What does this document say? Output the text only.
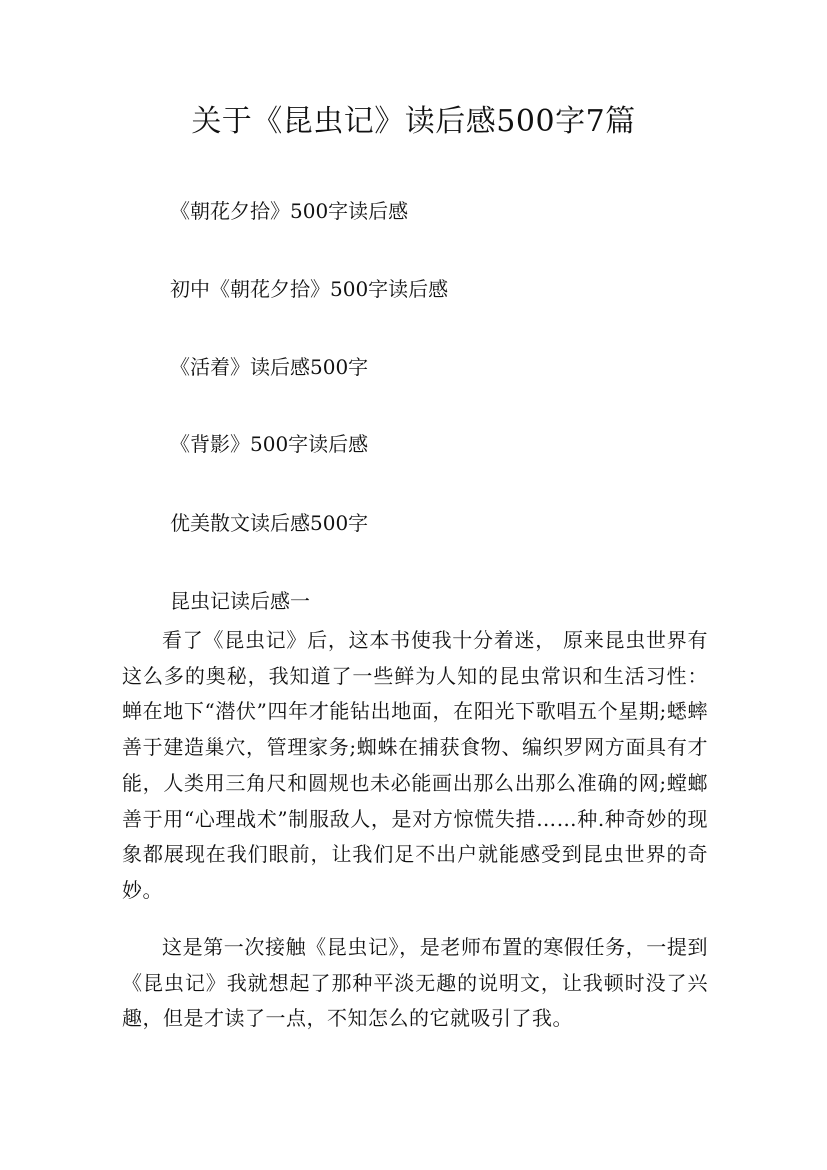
关于《昆虫记》读后感500字7篇

《朝花夕拾》500字读后感

初中《朝花夕拾》500字读后感

《活着》读后感500字

《背影》500字读后感

优美散文读后感500字

昆虫记读后感一

看了《昆虫记》后，这本书使我十分着迷， 原来昆虫世界有这么多的奥秘，我知道了一些鲜为人知的昆虫常识和生活习性：蝉在地下“潜伏”四年才能钻出地面，在阳光下歌唱五个星期;蟋蟀善于建造巢穴，管理家务;蜘蛛在捕获食物、编织罗网方面具有才能，人类用三角尺和圆规也未必能画出那么出那么准确的网;螳螂善于用“心理战术”制服敌人，是对方惊慌失措……种.种奇妙的现象都展现在我们眼前，让我们足不出户就能感受到昆虫世界的奇妙。

这是第一次接触《昆虫记》，是老师布置的寒假任务，一提到《昆虫记》我就想起了那种平淡无趣的说明文，让我顿时没了兴趣，但是才读了一点，不知怎么的它就吸引了我。
